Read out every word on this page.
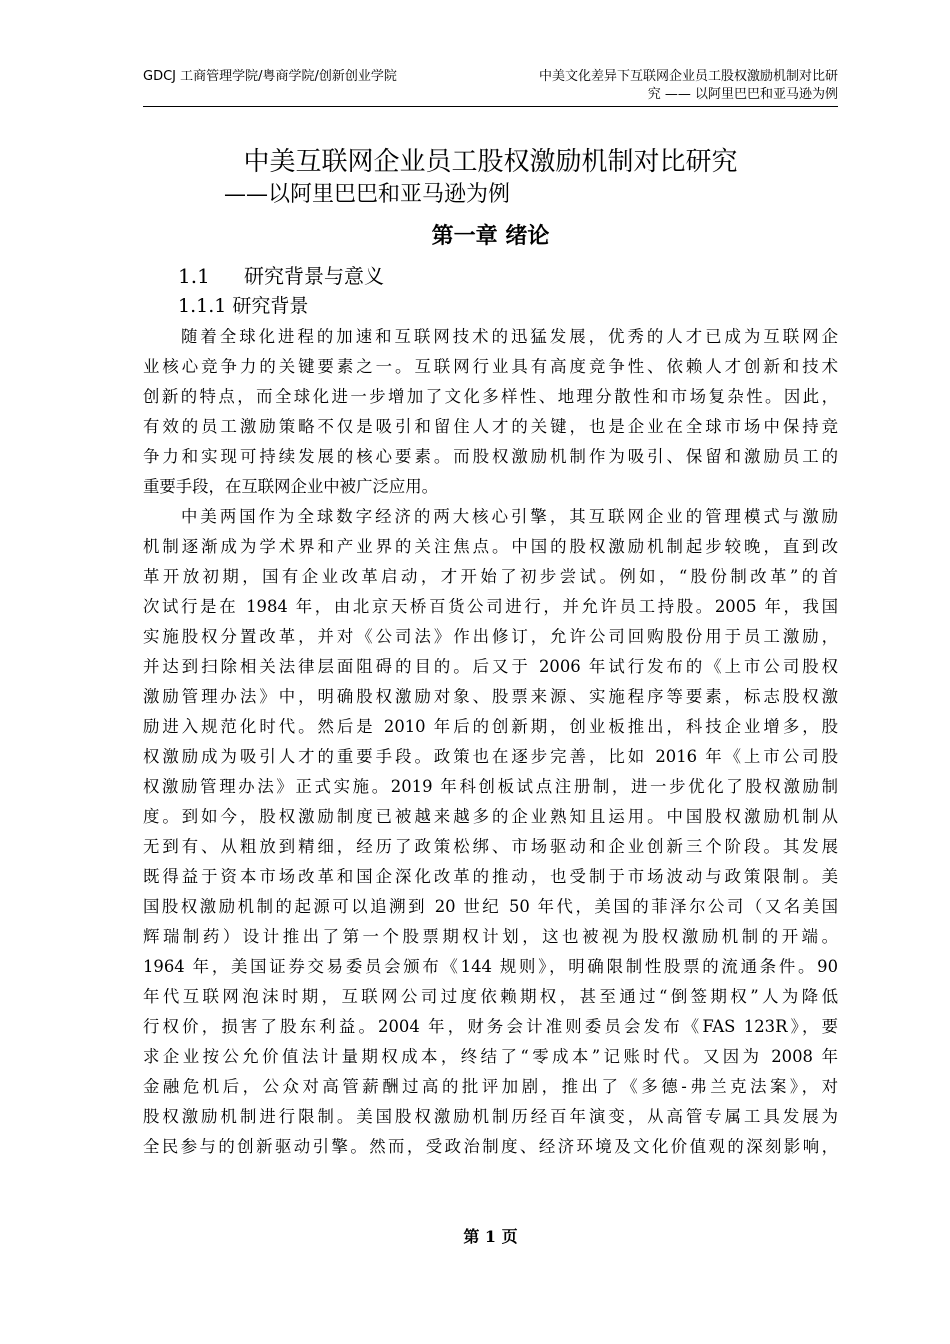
GDCJ 工商管理学院/粤商学院/创新创业学院	中美文化差异下互联网企业员工股权激励机制对比研
究 —— 以阿里巴巴和亚马逊为例
中美互联网企业员工股权激励机制对比研究
——以阿里巴巴和亚马逊为例
第一章 绪论
1.1 研究背景与意义
1.1.1 研究背景
随着全球化进程的加速和互联网技术的迅猛发展，优秀的人才已成为互联网企
业核心竞争力的关键要素之一。互联网行业具有高度竞争性、依赖人才创新和技术
创新的特点，而全球化进一步增加了文化多样性、地理分散性和市场复杂性。因此，
有效的员工激励策略不仅是吸引和留住人才的关键，也是企业在全球市场中保持竞
争力和实现可持续发展的核心要素。而股权激励机制作为吸引、保留和激励员工的
重要手段，在互联网企业中被广泛应用。
中美两国作为全球数字经济的两大核心引擎，其互联网企业的管理模式与激励
机制逐渐成为学术界和产业界的关注焦点。中国的股权激励机制起步较晚，直到改
革开放初期，国有企业改革启动，才开始了初步尝试。例如，“股份制改革”的首
次试行是在 1984 年，由北京天桥百货公司进行，并允许员工持股。2005 年，我国
实施股权分置改革，并对《公司法》作出修订，允许公司回购股份用于员工激励，
并达到扫除相关法律层面阻碍的目的。后又于 2006 年试行发布的《上市公司股权
激励管理办法》中，明确股权激励对象、股票来源、实施程序等要素，标志股权激
励进入规范化时代。然后是 2010 年后的创新期，创业板推出，科技企业增多，股
权激励成为吸引人才的重要手段。政策也在逐步完善，比如 2016 年《上市公司股
权激励管理办法》正式实施。2019 年科创板试点注册制，进一步优化了股权激励制
度。到如今，股权激励制度已被越来越多的企业熟知且运用。中国股权激励机制从
无到有、从粗放到精细，经历了政策松绑、市场驱动和企业创新三个阶段。其发展
既得益于资本市场改革和国企深化改革的推动，也受制于市场波动与政策限制。美
国股权激励机制的起源可以追溯到 20 世纪 50 年代，美国的菲泽尔公司（又名美国
辉瑞制药）设计推出了第一个股票期权计划，这也被视为股权激励机制的开端。
1964 年，美国证券交易委员会颁布《144 规则》，明确限制性股票的流通条件。90
年代互联网泡沫时期，互联网公司过度依赖期权，甚至通过“倒签期权”人为降低
行权价，损害了股东利益。2004 年，财务会计准则委员会发布《FAS 123R》，要
求企业按公允价值法计量期权成本，终结了“零成本”记账时代。又因为 2008 年
金融危机后，公众对高管薪酬过高的批评加剧，推出了《多德-弗兰克法案》，对
股权激励机制进行限制。美国股权激励机制历经百年演变，从高管专属工具发展为
全民参与的创新驱动引擎。然而，受政治制度、经济环境及文化价值观的深刻影响，
第 1 页
